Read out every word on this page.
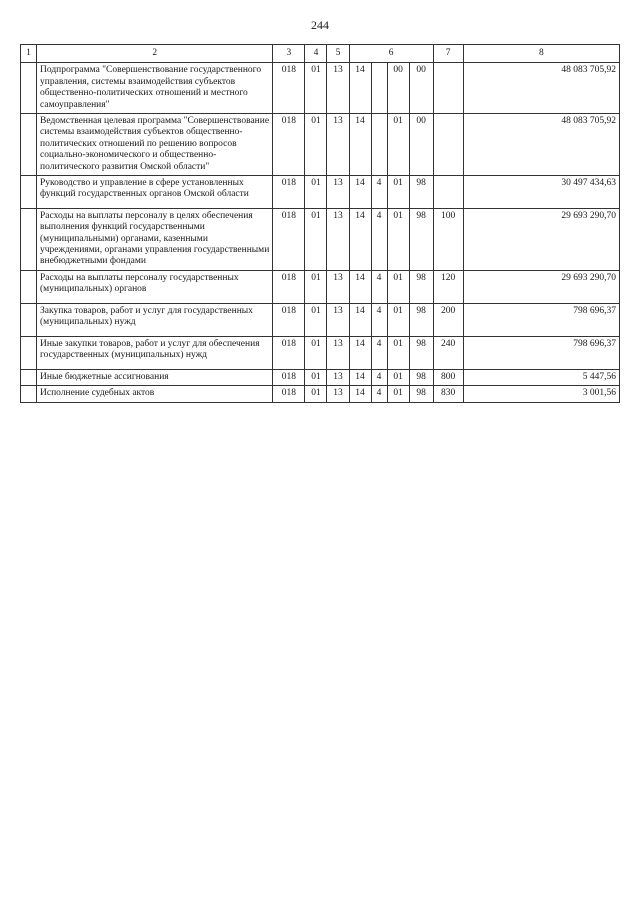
244
1	2	3	4	5	6				7	8
	Подпрограмма "Совершенствование государственного управления, системы взаимодействия субъектов общественно-политических отношений и местного самоуправления"	018	01	13	14		00	00		48 083 705,92
	Ведомственная целевая программа "Совершенствование системы взаимодействия субъектов общественно-политических отношений по решению вопросов социально-экономического и общественно-политического развития Омской области"	018	01	13	14		01	00		48 083 705,92
	Руководство и управление в сфере установленных функций государственных органов Омской области	018	01	13	14	4	01	98		30 497 434,63
	Расходы на выплаты персоналу в целях обеспечения выполнения функций государственными (муниципальными) органами, казенными учреждениями, органами управления государственными внебюджетными фондами	018	01	13	14	4	01	98	100	29 693 290,70
	Расходы на выплаты персоналу государственных (муниципальных) органов	018	01	13	14	4	01	98	120	29 693 290,70
	Закупка товаров, работ и услуг для государственных (муниципальных) нужд	018	01	13	14	4	01	98	200	798 696,37
	Иные закупки товаров, работ и услуг для обеспечения государственных (муниципальных) нужд	018	01	13	14	4	01	98	240	798 696,37
	Иные бюджетные ассигнования	018	01	13	14	4	01	98	800	5 447,56
	Исполнение судебных актов	018	01	13	14	4	01	98	830	3 001,56
